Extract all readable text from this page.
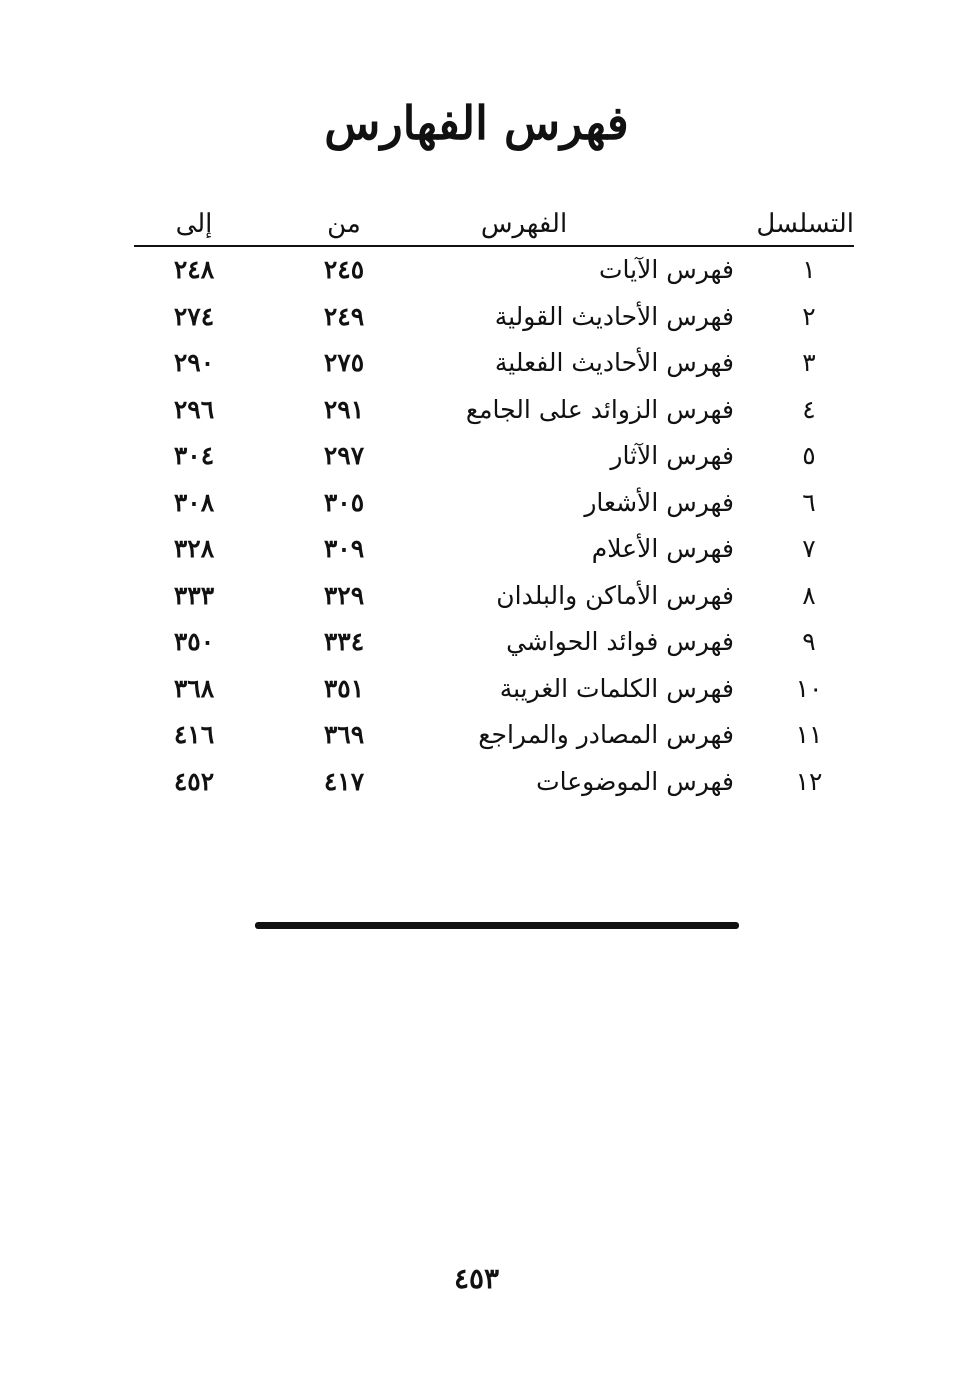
فهرس الفهارس
التسلسل
الفهرس
من
إلى
١
فهرس الآيات
٢٤٥
٢٤٨
٢
فهرس الأحاديث القولية
٢٤٩
٢٧٤
٣
فهرس الأحاديث الفعلية
٢٧٥
٢٩٠
٤
فهرس الزوائد على الجامع
٢٩١
٢٩٦
٥
فهرس الآثار
٢٩٧
٣٠٤
٦
فهرس الأشعار
٣٠٥
٣٠٨
٧
فهرس الأعلام
٣٠٩
٣٢٨
٨
فهرس الأماكن والبلدان
٣٢٩
٣٣٣
٩
فهرس فوائد الحواشي
٣٣٤
٣٥٠
١٠
فهرس الكلمات الغريبة
٣٥١
٣٦٨
١١
فهرس المصادر والمراجع
٣٦٩
٤١٦
١٢
فهرس الموضوعات
٤١٧
٤٥٢
٤٥٣
